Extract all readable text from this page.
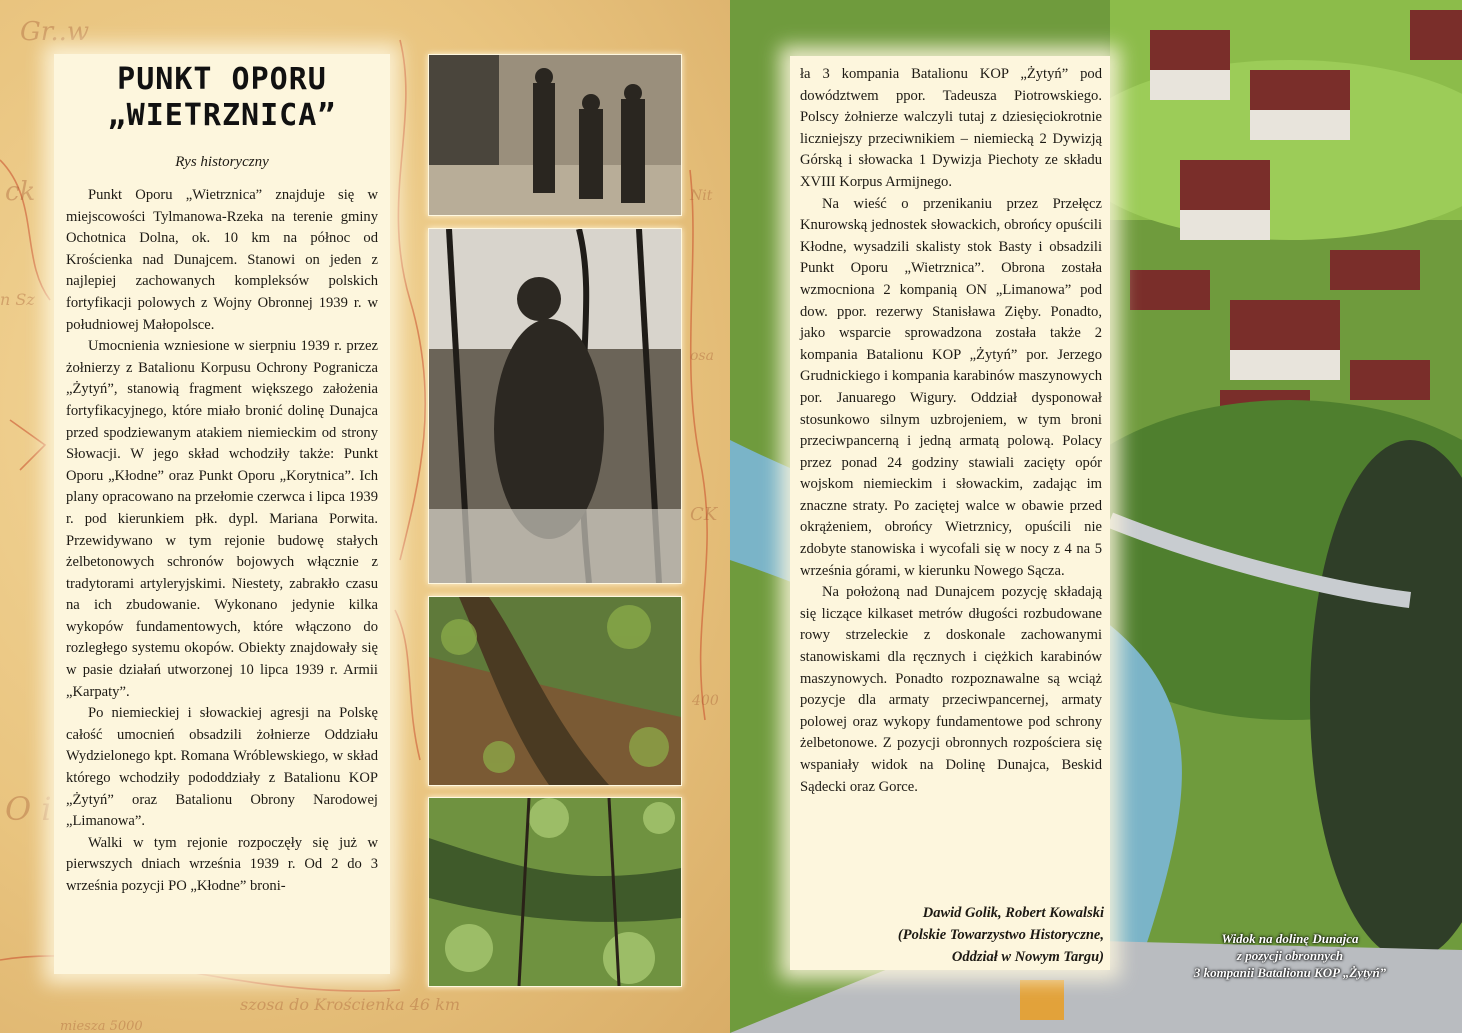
Gr..w
ck
n Sz
O i
szosa do Krościenka 46 km
miesza 5000
Nit
osa
CK
400
PUNKT OPORU
„WIETRZNICA”
Rys historyczny

Punkt Oporu „Wietrznica” znajduje się w miejscowości Tylmanowa-Rzeka na terenie gminy Ochotnica Dolna, ok. 10 km na północ od Krościenka nad Dunajcem. Stanowi on jeden z najlepiej zachowanych kompleksów polskich fortyfikacji polowych z Wojny Obronnej 1939 r. w południowej Małopolsce.

Umocnienia wzniesione w sierpniu 1939 r. przez żołnierzy z Batalionu Korpusu Ochrony Pogranicza „Żytyń”, stanowią fragment większego założenia fortyfikacyjnego, które miało bronić dolinę Dunajca przed spodziewanym atakiem niemieckim od strony Słowacji. W jego skład wchodziły także: Punkt Oporu „Kłodne” oraz Punkt Oporu „Korytnica”. Ich plany opracowano na przełomie czerwca i lipca 1939 r. pod kierunkiem płk. dypl. Mariana Porwita. Przewidywano w tym rejonie budowę stałych żelbetonowych schronów bojowych włącznie z tradytorami artyleryjskimi. Niestety, zabrakło czasu na ich zbudowanie. Wykonano jedynie kilka wykopów fundamentowych, które włączono do rozległego systemu okopów. Obiekty znajdowały się w pasie działań utworzonej 10 lipca 1939 r. Armii „Karpaty”.

Po niemieckiej i słowackiej agresji na Polskę całość umocnień obsadzili żołnierze Oddziału Wydzielonego kpt. Romana Wróblewskiego, w skład którego wchodziły pododdziały z Batalionu KOP „Żytyń” oraz Batalionu Obrony Narodowej „Limanowa”.

Walki w tym rejonie rozpoczęły się już w pierwszych dniach września 1939 r. Od 2 do 3 września pozycji PO „Kłodne” broni-

ła 3 kompania Batalionu KOP „Żytyń” pod dowództwem ppor. Tadeusza Piotrowskiego. Polscy żołnierze walczyli tutaj z dziesięciokrotnie liczniejszy przeciwnikiem – niemiecką 2 Dywizją Górską i słowacka 1 Dywizja Piechoty ze składu XVIII Korpus Armijnego.

Na wieść o przenikaniu przez Przełęcz Knurowską jednostek słowackich, obrońcy opuścili Kłodne, wysadzili skalisty stok Basty i obsadzili Punkt Oporu „Wietrznica”. Obrona została wzmocniona 2 kompanią ON „Limanowa” pod dow. ppor. rezerwy Stanisława Zięby. Ponadto, jako wsparcie sprowadzona została także 2 kompania Batalionu KOP „Żytyń” por. Jerzego Grudnickiego i kompania karabinów maszynowych por. Januarego Wigury. Oddział dysponował stosunkowo silnym uzbrojeniem, w tym broni przeciwpancerną i jedną armatą polową. Polacy przez ponad 24 godziny stawiali zacięty opór wojskom niemieckim i słowackim, zadając im znaczne straty. Po zaciętej walce w obawie przed okrążeniem, obrońcy Wietrznicy, opuścili nie zdobyte stanowiska i wycofali się w nocy z 4 na 5 września górami, w kierunku Nowego Sącza.

Na położoną nad Dunajcem pozycję składają się liczące kilkaset metrów długości rozbudowane rowy strzeleckie z doskonale zachowanymi stanowiskami dla ręcznych i ciężkich karabinów maszynowych. Ponadto rozpoznawalne są wciąż pozycje dla armaty przeciwpancernej, armaty polowej oraz wykopy fundamentowe pod schrony żelbetonowe. Z pozycji obronnych rozpościera się wspaniały widok na Dolinę Dunajca, Beskid Sądecki oraz Gorce.

Dawid Golik, Robert Kowalski
(Polskie Towarzystwo Historyczne,
Oddział w Nowym Targu)
Widok na dolinę Dunajca
z pozycji obronnych
3 kompanii Batalionu KOP „Żytyń”
